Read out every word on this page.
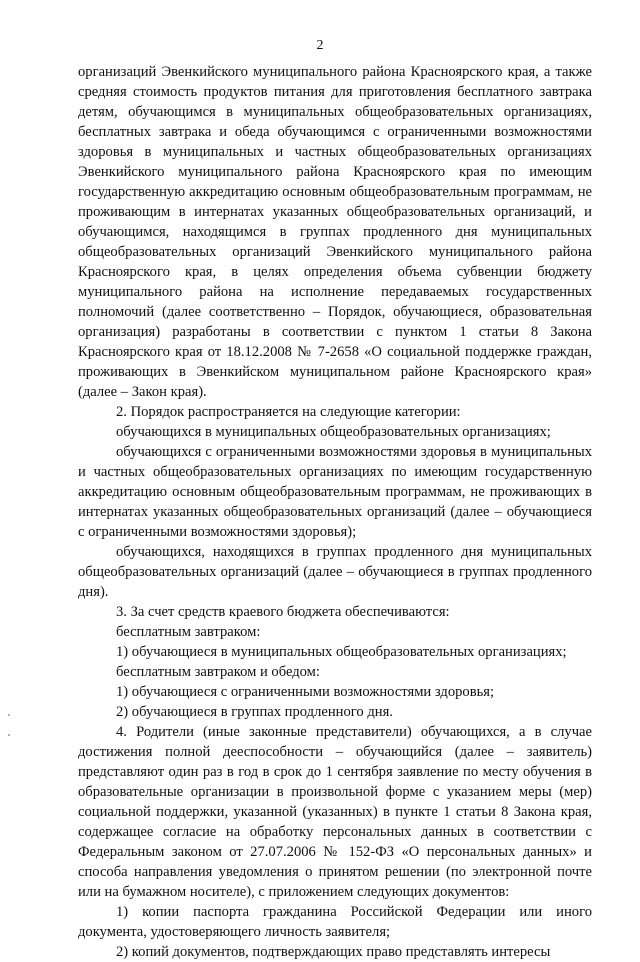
2

организаций Эвенкийского муниципального района Красноярского края, а также средняя стоимость продуктов питания для приготовления бесплатного завтрака детям, обучающимся в муниципальных общеобразовательных организациях, бесплатных завтрака и обеда обучающимся с ограниченными возможностями здоровья в муниципальных и частных общеобразовательных организациях Эвенкийского муниципального района Красноярского края по имеющим государственную аккредитацию основным общеобразовательным программам, не проживающим в интернатах указанных общеобразовательных организаций, и обучающимся, находящимся в группах продленного дня муниципальных общеобразовательных организаций Эвенкийского муниципального района Красноярского края, в целях определения объема субвенции бюджету муниципального района на исполнение передаваемых государственных полномочий (далее соответственно – Порядок, обучающиеся, образовательная организация) разработаны в соответствии с пунктом 1 статьи 8 Закона Красноярского края от 18.12.2008 № 7-2658 «О социальной поддержке граждан, проживающих в Эвенкийском муниципальном районе Красноярского края» (далее – Закон края).

2. Порядок распространяется на следующие категории:

обучающихся в муниципальных общеобразовательных организациях;

обучающихся с ограниченными возможностями здоровья в муниципальных и частных общеобразовательных организациях по имеющим государственную аккредитацию основным общеобразовательным программам, не проживающих в интернатах указанных общеобразовательных организаций (далее – обучающиеся с ограниченными возможностями здоровья);

обучающихся, находящихся в группах продленного дня муниципальных общеобразовательных организаций (далее – обучающиеся в группах продленного дня).

3. За счет средств краевого бюджета обеспечиваются:

бесплатным завтраком:

1) обучающиеся в муниципальных общеобразовательных организациях;

бесплатным завтраком и обедом:

1) обучающиеся с ограниченными возможностями здоровья;

2) обучающиеся в группах продленного дня.

4. Родители (иные законные представители) обучающихся, а в случае достижения полной дееспособности – обучающийся (далее – заявитель) представляют один раз в год в срок до 1 сентября заявление по месту обучения в образовательные организации в произвольной форме с указанием меры (мер) социальной поддержки, указанной (указанных) в пункте 1 статьи 8 Закона края, содержащее согласие на обработку персональных данных в соответствии с Федеральным законом от 27.07.2006 № 152-ФЗ «О персональных данных» и способа направления уведомления о принятом решении (по электронной почте или на бумажном носителе), с приложением следующих документов:

1) копии паспорта гражданина Российской Федерации или иного документа, удостоверяющего личность заявителя;

2) копий документов, подтверждающих право представлять интересы
